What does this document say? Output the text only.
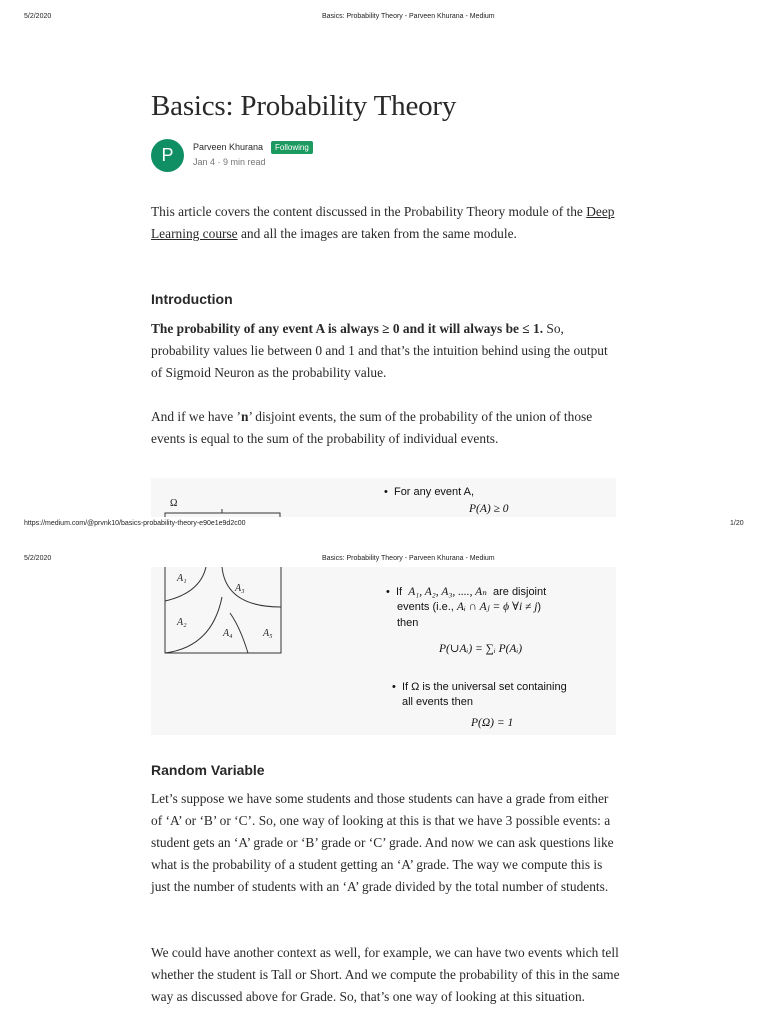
5/2/2020	Basics: Probability Theory - Parveen Khurana - Medium
Basics: Probability Theory
P	Parveen Khurana	Following
Jan 4 · 9 min read
This article covers the content discussed in the Probability Theory module of the Deep Learning course and all the images are taken from the same module.
Introduction
The probability of any event A is always ≥ 0 and it will always be ≤ 1. So, probability values lie between 0 and 1 and that’s the intuition behind using the output of Sigmoid Neuron as the probability value.
And if we have ’n’ disjoint events, the sum of the probability of the union of those events is equal to the sum of the probability of individual events.
Ω
•  For any event A,
P(A) ≥ 0
https://medium.com/@prvnk10/basics-probability-theory-e90e1e9d2c00	1/20
5/2/2020	Basics: Probability Theory - Parveen Khurana - Medium
A₁
A₃
A₂
A₄	A₅
•  If A₁, A₂, A₃, ...., Aₙ are disjoint
events (i.e., Aᵢ ∩ Aⱼ = ϕ ∀i ≠ j)
then
P(∪Aᵢ) = ∑ᵢ P(Aᵢ)
•  If Ω is the universal set containing
all events then
P(Ω) = 1
Random Variable
Let’s suppose we have some students and those students can have a grade from either of ‘A’ or ‘B’ or ‘C’. So, one way of looking at this is that we have 3 possible events: a student gets an ‘A’ grade or ‘B’ grade or ‘C’ grade. And now we can ask questions like what is the probability of a student getting an ‘A’ grade. The way we compute this is just the number of students with an ‘A’ grade divided by the total number of students.
We could have another context as well, for example, we can have two events which tell whether the student is Tall or Short. And we compute the probability of this in the same way as discussed above for Grade. So, that’s one way of looking at this situation.
